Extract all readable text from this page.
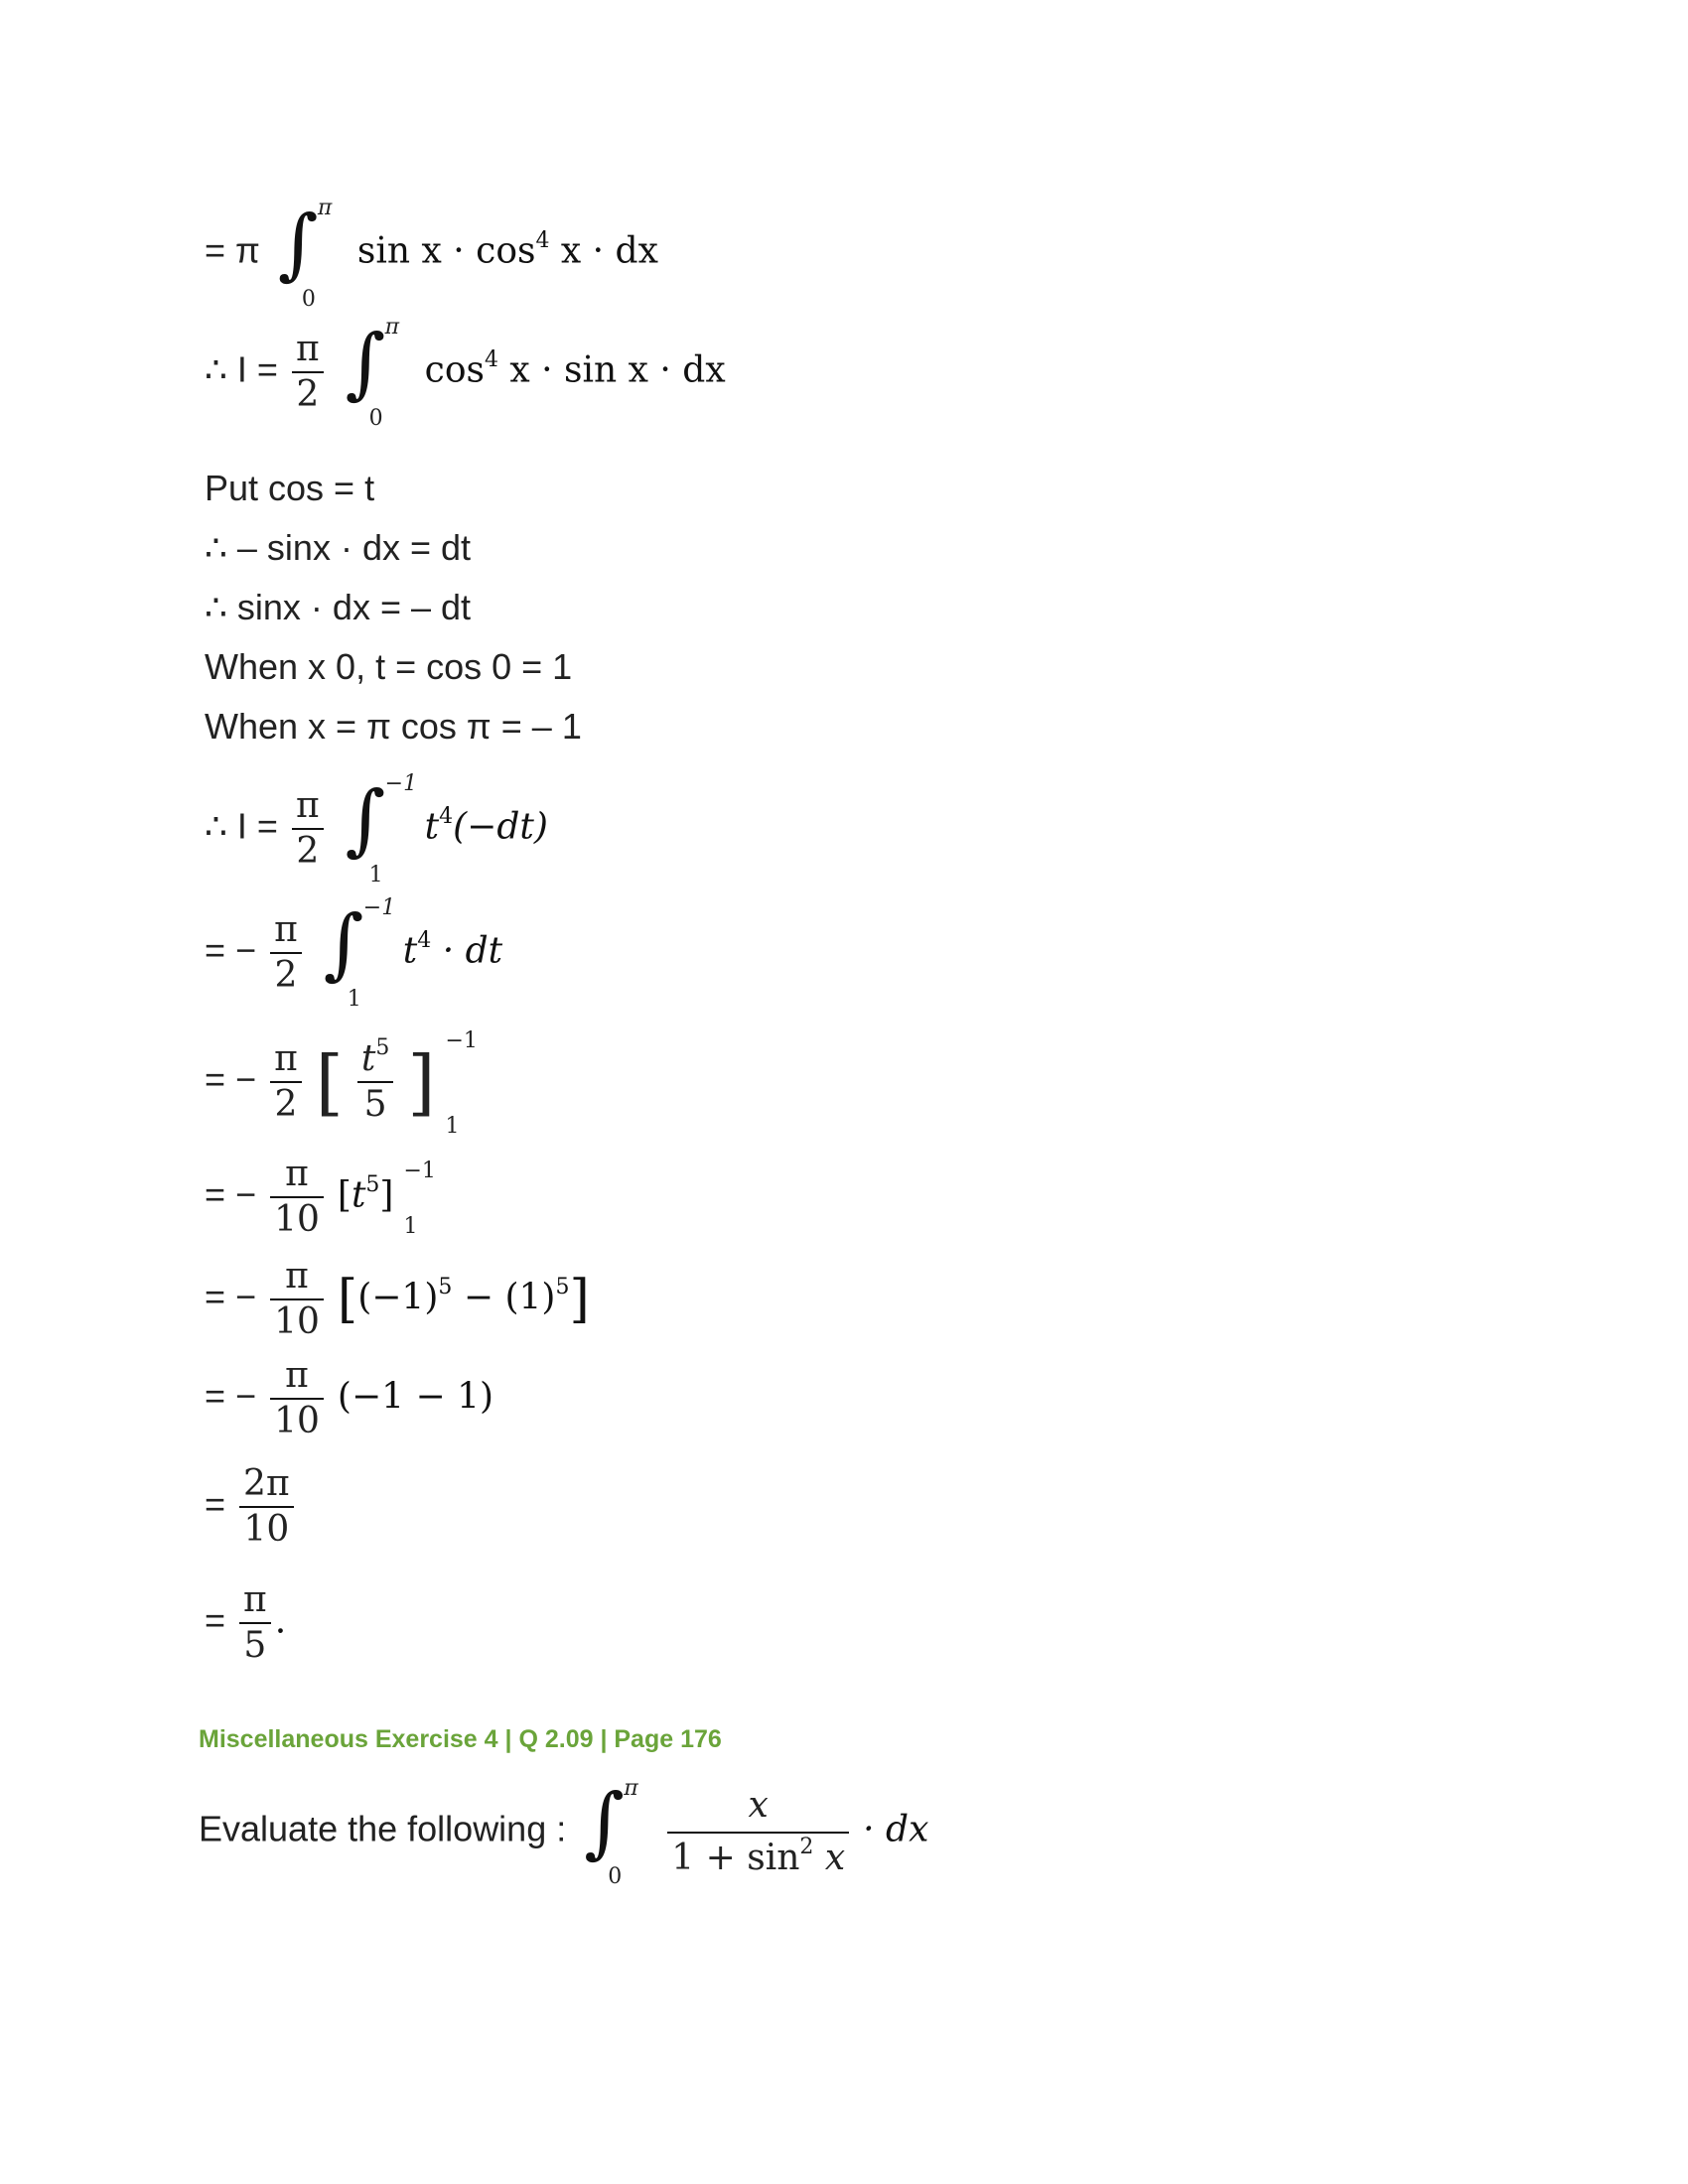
= π ∫ π
0
$\sin x \cdot \cos^4 x$ · dx
∴ $I = \frac{\pi}{2}$
∫ π
0
$\cos^4 x \cdot \sin x$ · dx
Put cos = t
∴ – sinx · dx = dt
∴ sinx · dx = – dt
When x 0, t = cos 0 = 1
When x = π cos π = – 1
∴ $I = \frac{\pi}{2}$
∫ −1
1
$t^4(-dt)$
= − $\frac{\pi}{2}$
∫ −1
1
$t^4$ · dt
= − $\frac{\pi}{2}$ [ $\frac{t^5}{5}$ ] −1
1
= − $\frac{\pi}{10} [t^5]$
−1
1
= − $\frac{\pi}{10} [(-1)^5 - (1)^5]$
= − $\frac{\pi}{10} (-1 - 1)$
= $\frac{2\pi}{10}$
= $\frac{\pi}{5}$ .
Miscellaneous Exercise 4 | Q 2.09 | Page 176
Evaluate the following : ∫ π
0
$\frac{x}{1 + \sin^2 x}$ · dx
